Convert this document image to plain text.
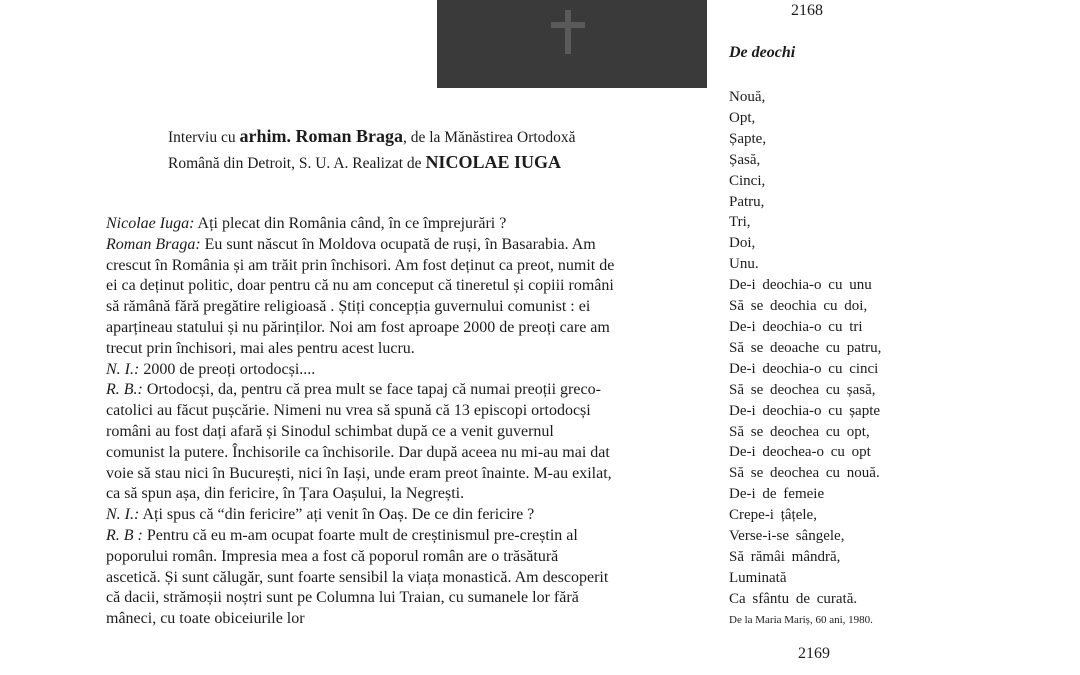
2168
De deochi
Nouă,
Opt,
Șapte,
Șasă,
Cinci,
Patru,
Tri,
Doi,
Unu.
De-i deochia-o cu unu
Să se deochia cu doi,
De-i deochia-o cu tri
Să se deoache cu patru,
De-i deochia-o cu cinci
Să se deochea cu șasă,
De-i deochia-o cu șapte
Să se deochea cu opt,
De-i deochea-o cu opt
Să se deochea cu nouă.
De-i de femeie
Crepe-i țâțele,
Verse-i-se sângele,
Să rămâi mândră,
Luminată
Ca sfântu de curată.
De la Maria Mariș, 60 ani, 1980.
Interviu cu arhim. Roman Braga, de la Mănăstirea Ortodoxă
Română din Detroit, S. U. A. Realizat de NICOLAE IUGA
Nicolae Iuga: Ați plecat din România când, în ce împrejurări ?
Roman Braga: Eu sunt născut în Moldova ocupată de ruși, în Basarabia. Am
crescut în România și am trăit prin închisori. Am fost deținut ca preot, numit de
ei ca deținut politic, doar pentru că nu am conceput că tineretul și copiii români
să rămână fără pregătire religioasă . Știți concepția guvernului comunist : ei
aparțineau statului și nu părinților. Noi am fost aproape 2000 de preoți care am
trecut prin închisori, mai ales pentru acest lucru.
N. I.: 2000 de preoți ortodocși....
R. B.: Ortodocși, da, pentru că prea mult se face tapaj că numai preoții greco-
catolici au făcut pușcărie. Nimeni nu vrea să spună că 13 episcopi ortodocși
români au fost dați afară și Sinodul schimbat după ce a venit guvernul
comunist la putere. Închisorile ca închisorile. Dar după aceea nu mi-au mai dat
voie să stau nici în București, nici în Iași, unde eram preot înainte. M-au exilat,
ca să spun așa, din fericire, în Țara Oașului, la Negrești.
N. I.: Ați spus că “din fericire” ați venit în Oaș. De ce din fericire ?
R. B : Pentru că eu m-am ocupat foarte mult de creștinismul pre-creștin al
poporului român. Impresia mea a fost că poporul român are o trăsătură
ascetică. Și sunt călugăr, sunt foarte sensibil la viața monastică. Am descoperit
că dacii, strămoșii noștri sunt pe Columna lui Traian, cu sumanele lor fără
mâneci, cu toate obiceiurile lor
2169
